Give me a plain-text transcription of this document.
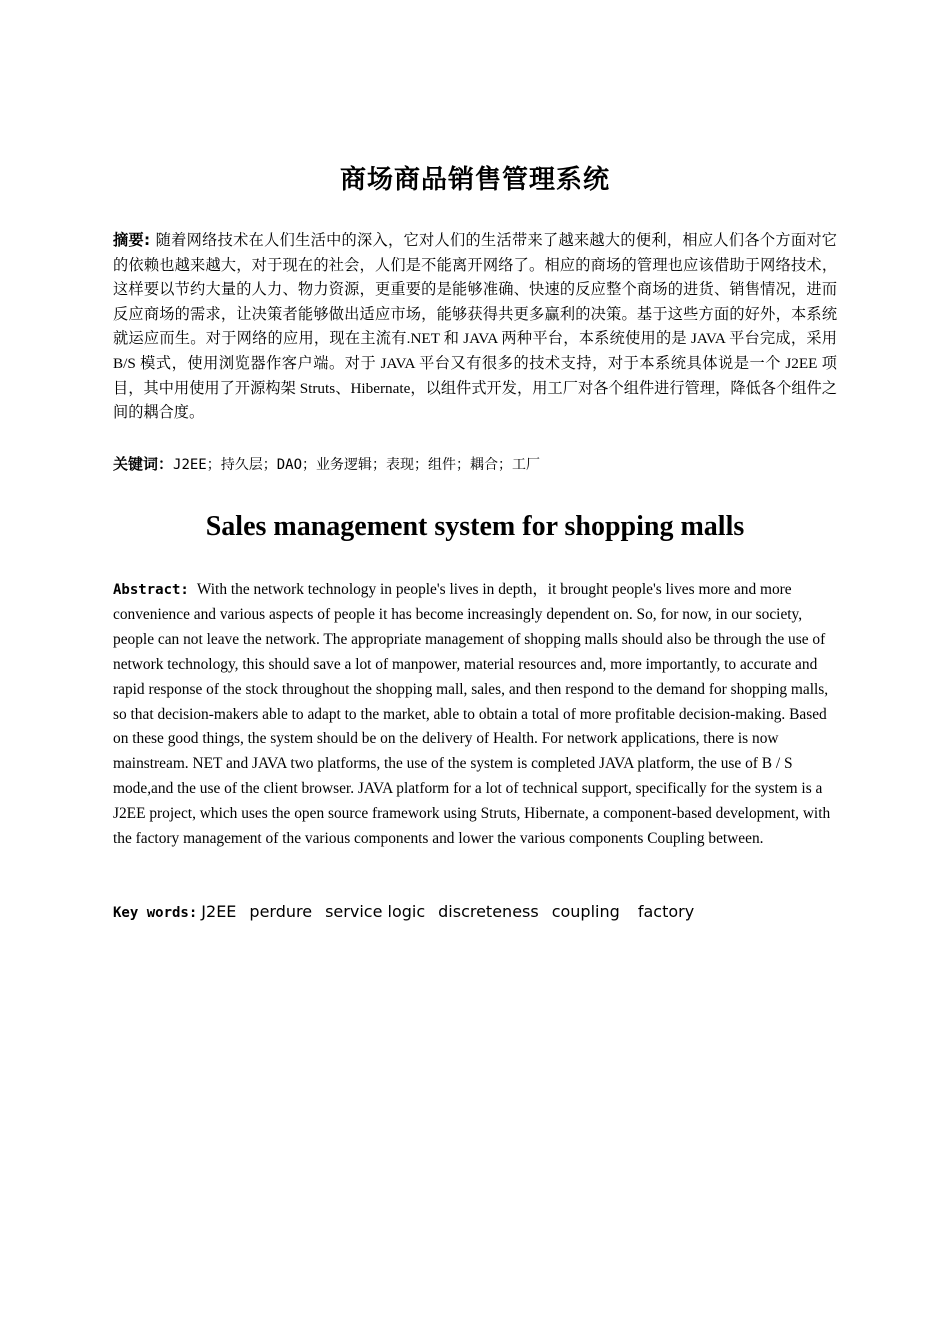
商场商品销售管理系统
摘要: 随着网络技术在人们生活中的深入，它对人们的生活带来了越来越大的便利，相应人们各个方面对它的依赖也越来越大，对于现在的社会，人们是不能离开网络了。相应的商场的管理也应该借助于网络技术，这样要以节约大量的人力、物力资源，更重要的是能够准确、快速的反应整个商场的进货、销售情况，进而反应商场的需求，让决策者能够做出适应市场，能够获得共更多赢利的决策。基于这些方面的好外，本系统就运应而生。对于网络的应用，现在主流有.NET 和 JAVA 两种平台，本系统使用的是 JAVA 平台完成，采用 B/S 模式，使用浏览器作客户端。对于 JAVA 平台又有很多的技术支持，对于本系统具体说是一个 J2EE 项目，其中用使用了开源构架 Struts、Hibernate，以组件式开发，用工厂对各个组件进行管理，降低各个组件之间的耦合度。
关键词：J2EE；持久层；DAO；业务逻辑；表现；组件；耦合；工厂
Sales management system for shopping malls
Abstract: With the network technology in people's lives in depth，it brought people's lives more and more convenience and various aspects of people it has become increasingly dependent on. So, for now, in our society, people can not leave the network. The appropriate management of shopping malls should also be through the use of network technology, this should save a lot of manpower, material resources and, more importantly, to accurate and rapid response of the stock throughout the shopping mall, sales, and then respond to the demand for shopping malls, so that decision-makers able to adapt to the market, able to obtain a total of more profitable decision-making. Based on these good things, the system should be on the delivery of Health. For network applications, there is now mainstream. NET and JAVA two platforms, the use of the system is completed JAVA platform, the use of B / S mode,and the use of the client browser. JAVA platform for a lot of technical support, specifically for the system is a J2EE project, which uses the open source framework using Struts, Hibernate, a component-based development, with the factory management of the various components and lower the various components Coupling between.
Key words: J2EE perdure service logic discreteness coupling  factory
